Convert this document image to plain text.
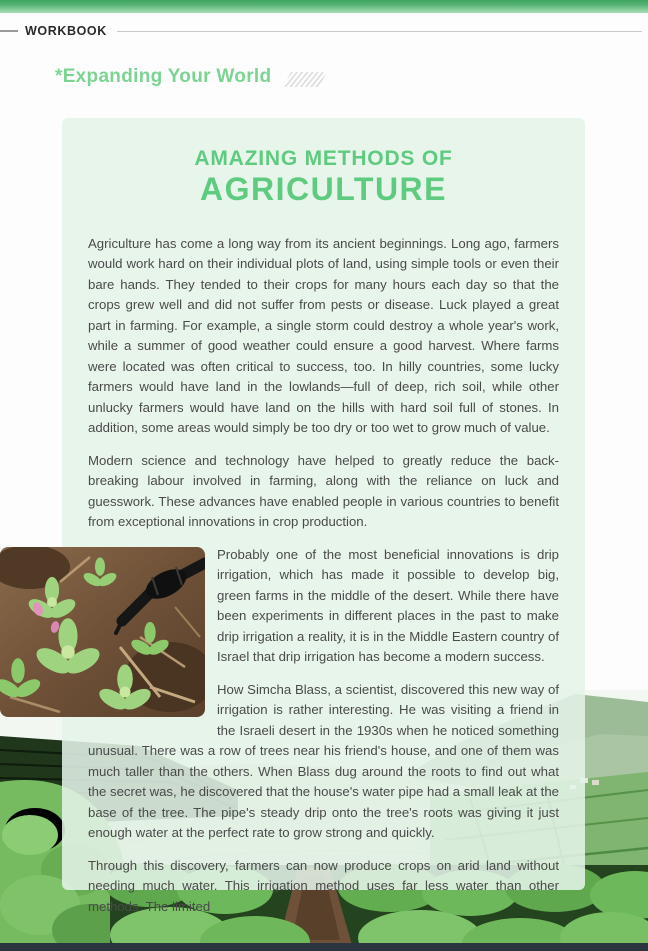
WORKBOOK
*Expanding Your World
AMAZING METHODS OF
AGRICULTURE

Agriculture has come a long way from its ancient beginnings. Long ago, farmers would work hard on their individual plots of land, using simple tools or even their bare hands. They tended to their crops for many hours each day so that the crops grew well and did not suffer from pests or disease. Luck played a great part in farming. For example, a single storm could destroy a whole year's work, while a summer of good weather could ensure a good harvest. Where farms were located was often critical to success, too. In hilly countries, some lucky farmers would have land in the lowlands—full of deep, rich soil, while other unlucky farmers would have land on the hills with hard soil full of stones. In addition, some areas would simply be too dry or too wet to grow much of value.

Modern science and technology have helped to greatly reduce the back-breaking labour involved in farming, along with the reliance on luck and guesswork. These advances have enabled people in various countries to benefit from exceptional innovations in crop production.

Probably one of the most beneficial innovations is drip irrigation, which has made it possible to develop big, green farms in the middle of the desert. While there have been experiments in different places in the past to make drip irrigation a reality, it is in the Middle Eastern country of Israel that drip irrigation has become a modern success.

How Simcha Blass, a scientist, discovered this new way of irrigation is rather interesting. He was visiting a friend in the Israeli desert in the 1930s when he noticed something unusual. There was a row of trees near his friend's house, and one of them was much taller than the others. When Blass dug around the roots to find out what the secret was, he discovered that the house's water pipe had a small leak at the base of the tree. The pipe's steady drip onto the tree's roots was giving it just enough water at the perfect rate to grow strong and quickly.

Through this discovery, farmers can now produce crops on arid land without needing much water. This irrigation method uses far less water than other methods. The limited
